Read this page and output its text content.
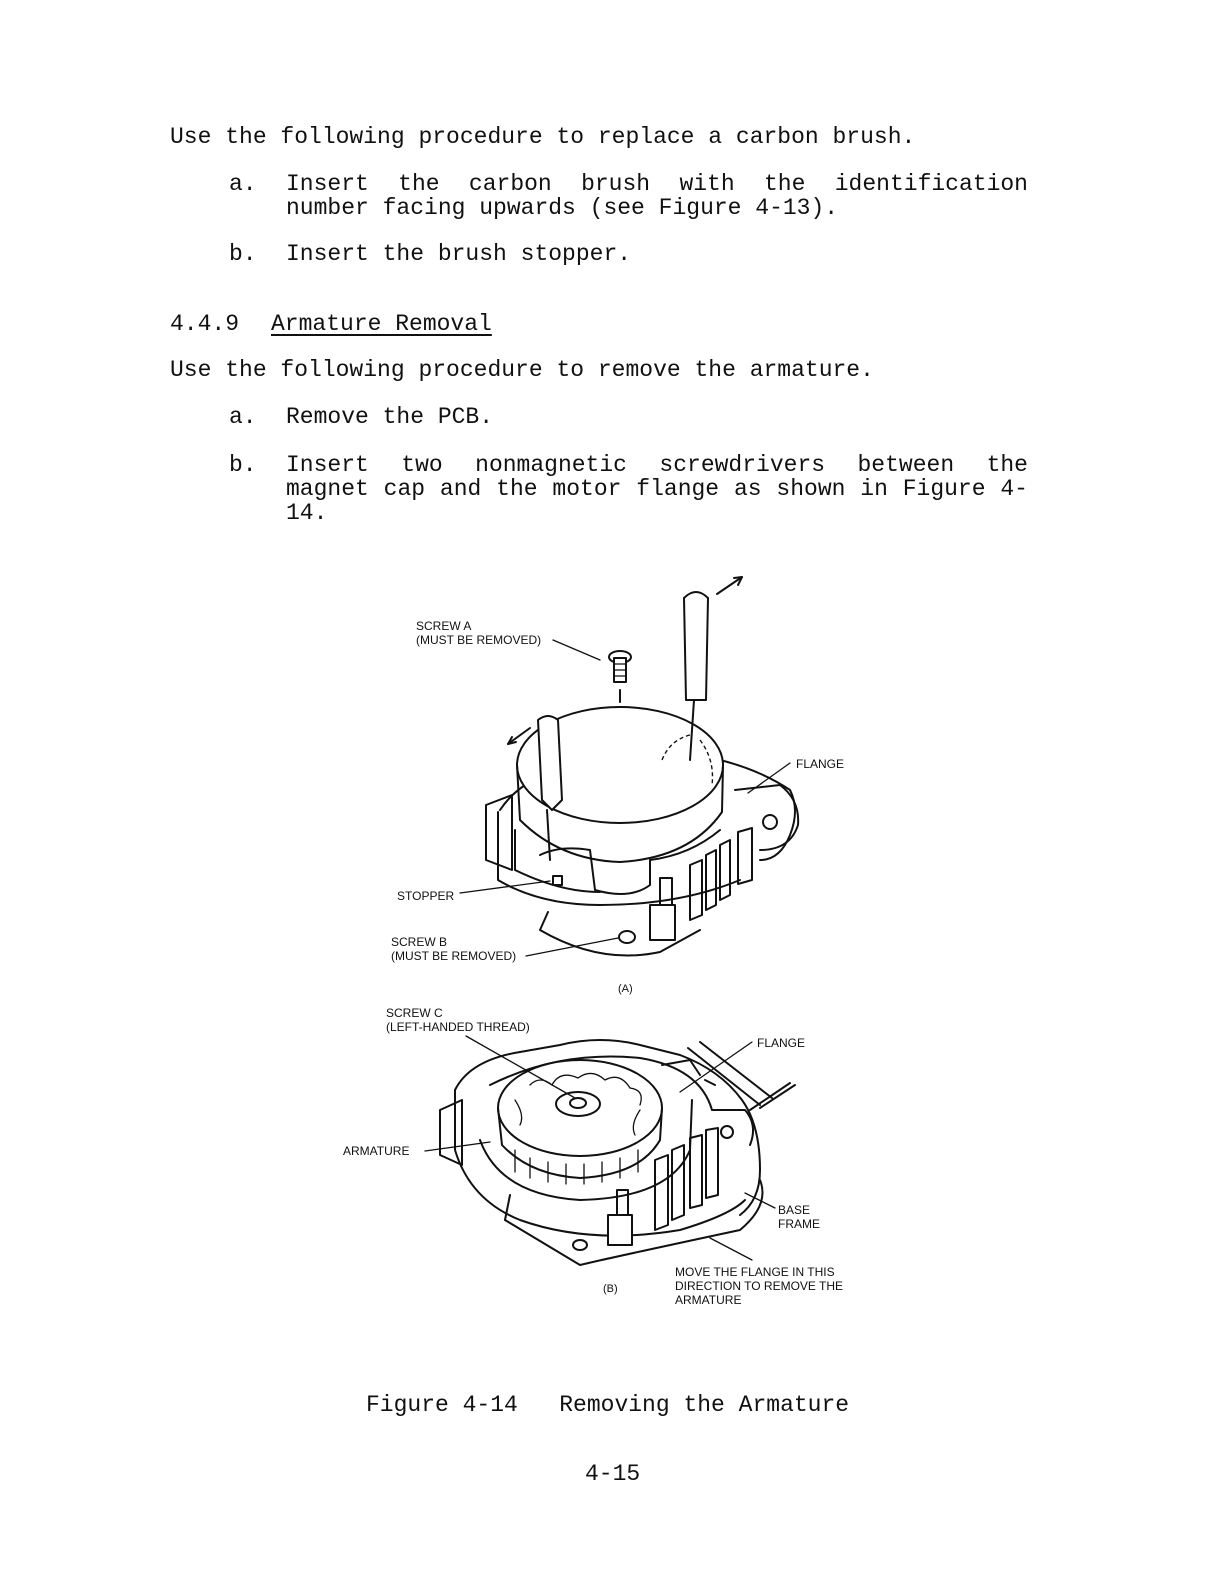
Use the following procedure to replace a carbon brush.
a. Insert the carbon brush with the identification number facing upwards (see Figure 4-13).
b. Insert the brush stopper.
4.4.9 Armature Removal
Use the following procedure to remove the armature.
a. Remove the PCB.
b. Insert two nonmagnetic screwdrivers between the magnet cap and the motor flange as shown in Figure 4-14.
SCREW A
(MUST BE REMOVED)
FLANGE
STOPPER
SCREW B
(MUST BE REMOVED)
(A)
SCREW C
(LEFT-HANDED THREAD)
FLANGE
ARMATURE
BASE
FRAME
MOVE THE FLANGE IN THIS
DIRECTION TO REMOVE THE
ARMATURE
(B)
Figure 4-14   Removing the Armature
4-15
